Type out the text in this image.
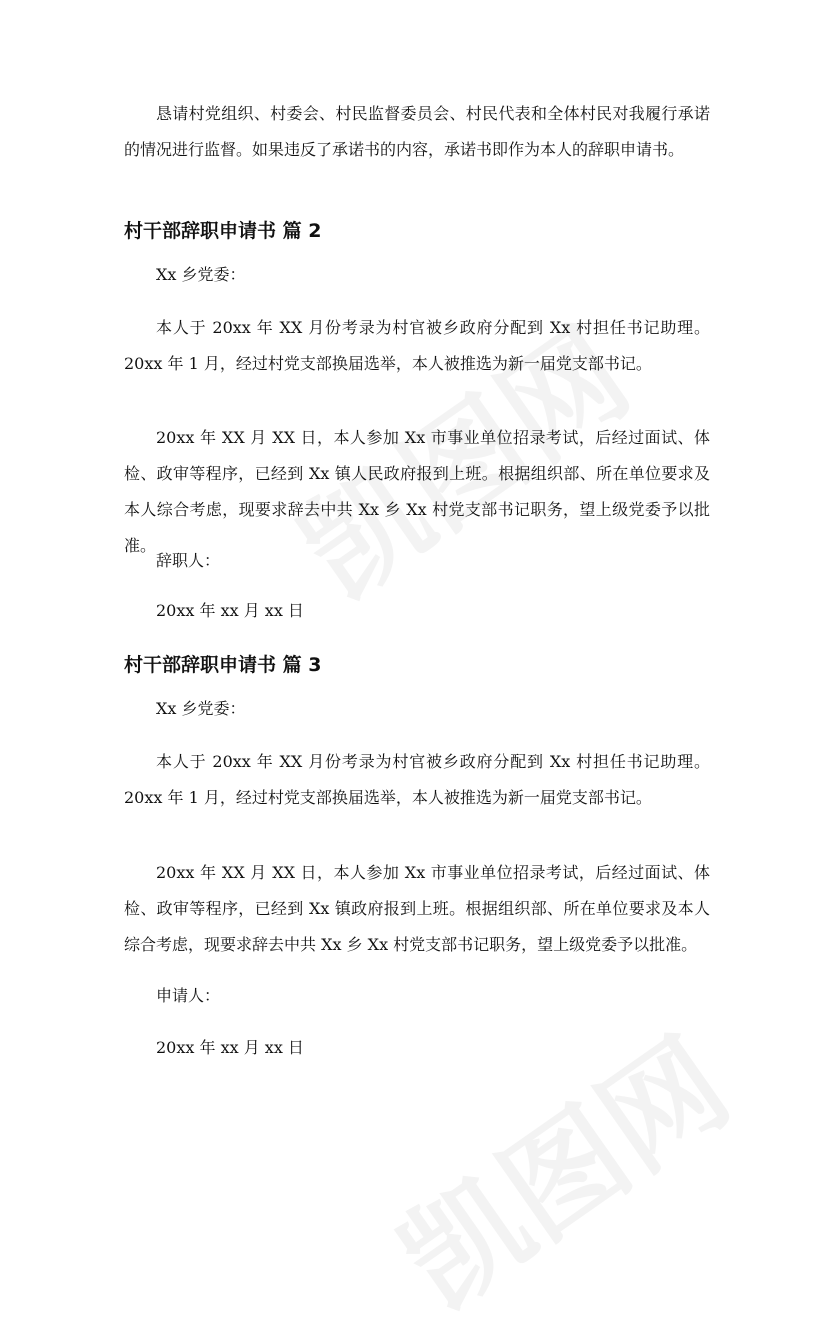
恳请村党组织、村委会、村民监督委员会、村民代表和全体村民对我履行承诺的情况进行监督。如果违反了承诺书的内容，承诺书即作为本人的辞职申请书。

村干部辞职申请书 篇 2
Xx 乡党委：

本人于 20xx 年 XX 月份考录为村官被乡政府分配到 Xx 村担任书记助理。20xx 年 1 月，经过村党支部换届选举，本人被推选为新一届党支部书记。

20xx 年 XX 月 XX 日，本人参加 Xx 市事业单位招录考试，后经过面试、体检、政审等程序，已经到 Xx 镇人民政府报到上班。根据组织部、所在单位要求及本人综合考虑，现要求辞去中共 Xx 乡 Xx 村党支部书记职务，望上级党委予以批准。

辞职人：
20xx 年 xx 月 xx 日
村干部辞职申请书 篇 3
Xx 乡党委：

本人于 20xx 年 XX 月份考录为村官被乡政府分配到 Xx 村担任书记助理。20xx 年 1 月，经过村党支部换届选举，本人被推选为新一届党支部书记。

20xx 年 XX 月 XX 日，本人参加 Xx 市事业单位招录考试，后经过面试、体检、政审等程序，已经到 Xx 镇政府报到上班。根据组织部、所在单位要求及本人综合考虑，现要求辞去中共 Xx 乡 Xx 村党支部书记职务，望上级党委予以批准。

申请人：
20xx 年 xx 月 xx 日
